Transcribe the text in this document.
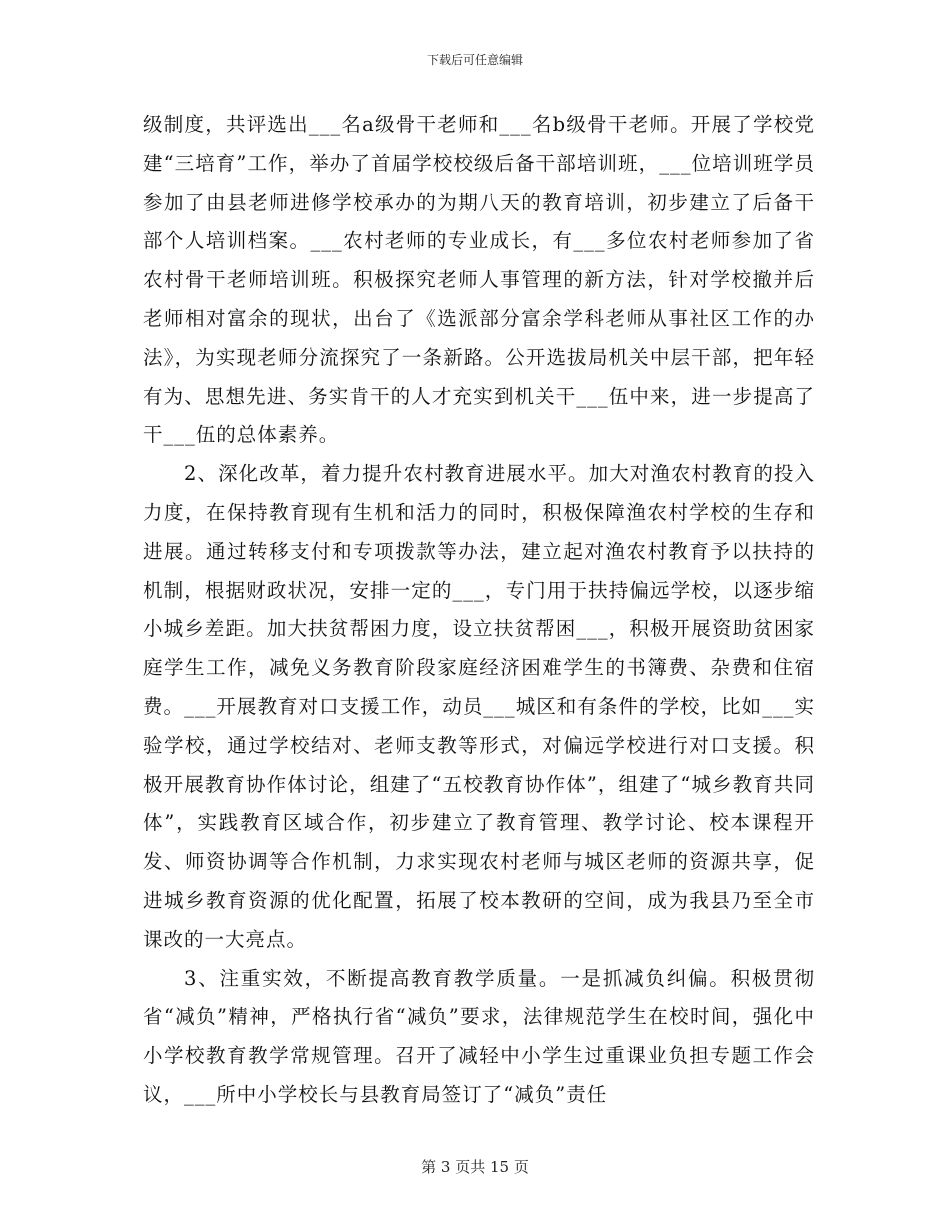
下载后可任意编辑

级制度，共评选出___名a级骨干老师和___名b级骨干老师。开展了学校党建“三培育”工作，举办了首届学校校级后备干部培训班，___位培训班学员参加了由县老师进修学校承办的为期八天的教育培训，初步建立了后备干部个人培训档案。___农村老师的专业成长，有___多位农村老师参加了省农村骨干老师培训班。积极探究老师人事管理的新方法，针对学校撤并后老师相对富余的现状，出台了《选派部分富余学科老师从事社区工作的办法》，为实现老师分流探究了一条新路。公开选拔局机关中层干部，把年轻有为、思想先进、务实肯干的人才充实到机关干___伍中来，进一步提高了干___伍的总体素养。

2、深化改革，着力提升农村教育进展水平。加大对渔农村教育的投入力度，在保持教育现有生机和活力的同时，积极保障渔农村学校的生存和进展。通过转移支付和专项拨款等办法，建立起对渔农村教育予以扶持的机制，根据财政状况，安排一定的___，专门用于扶持偏远学校，以逐步缩小城乡差距。加大扶贫帮困力度，设立扶贫帮困___，积极开展资助贫困家庭学生工作，减免义务教育阶段家庭经济困难学生的书簿费、杂费和住宿费。___开展教育对口支援工作，动员___城区和有条件的学校，比如___实验学校，通过学校结对、老师支教等形式，对偏远学校进行对口支援。积极开展教育协作体讨论，组建了“五校教育协作体”，组建了“城乡教育共同体”，实践教育区域合作，初步建立了教育管理、教学讨论、校本课程开发、师资协调等合作机制，力求实现农村老师与城区老师的资源共享，促进城乡教育资源的优化配置，拓展了校本教研的空间，成为我县乃至全市课改的一大亮点。

3、注重实效，不断提高教育教学质量。一是抓减负纠偏。积极贯彻省“减负”精神，严格执行省“减负”要求，法律规范学生在校时间，强化中小学校教育教学常规管理。召开了减轻中小学生过重课业负担专题工作会议，___所中小学校长与县教育局签订了“减负”责任

第 3 页共 15 页
